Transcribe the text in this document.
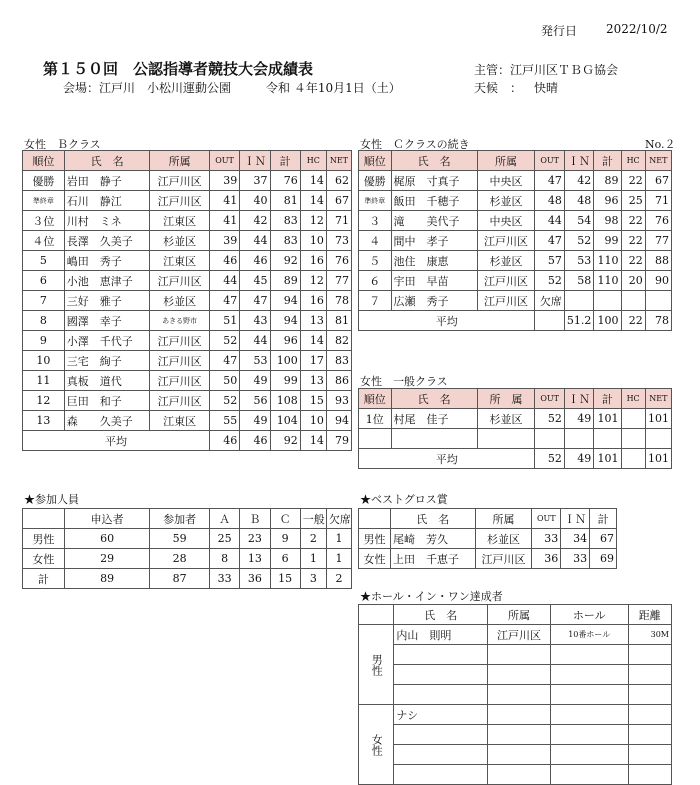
発行日 2022/10/2
第１５０回　公認指導者競技大会成績表
会場：江戸川　小松川運動公園	令和 ４年10月1日（土）
主管：江戸川区ＴＢＧ協会
天候　： 快晴
女性　Ｂクラス
順位	氏　名	所属	OUT	ＩＮ	計	HC	NET
優勝	岩田　静子	江戸川区	39	37	76	14	62
準終章	石川　静江	江戸川区	41	40	81	14	67
３位	川村　ミネ	江東区	41	42	83	12	71
４位	長澤　久美子	杉並区	39	44	83	10	73
5	嶋田　秀子	江東区	46	46	92	16	76
6	小池　恵津子	江戸川区	44	45	89	12	77
7	三好　雅子	杉並区	47	47	94	16	78
8	國澤　幸子	あきる野市	51	43	94	13	81
9	小澤　千代子	江戸川区	52	44	96	14	82
10	三宅　絢子	江戸川区	47	53	100	17	83
11	真板　道代	江戸川区	50	49	99	13	86
12	巨田　和子	江戸川区	52	56	108	15	93
13	森　　久美子	江東区	55	49	104	10	94
平均			46	46	92	14	79
女性　Ｃクラスの続き	No.２
順位	氏　名	所属	OUT	ＩＮ	計	HC	NET
優勝	梶原　寸真子	中央区	47	42	89	22	67
準終章	飯田　千穂子	杉並区	48	48	96	25	71
３	滝　　美代子	中央区	44	54	98	22	76
４	間中　孝子	江戸川区	47	52	99	22	77
５	池住　康恵	杉並区	57	53	110	22	88
６	宇田　早苗	江戸川区	52	58	110	20	90
７	広瀬　秀子	江戸川区	欠席				
平均				51.2	100	22	78
女性　一般クラス
順位	氏　名	所　属	OUT	ＩＮ	計	HC	NET
1位	村尾　佳子	杉並区	52	49	101		101

平均			52	49	101		101
★参加人員
	申込者	参加者	Ａ	Ｂ	Ｃ	一般	欠席
男性	60	59	25	23	9	2	1
女性	29	28	8	13	6	1	1
計	89	87	33	36	15	3	2
★ベストグロス賞
	氏　名	所属	OUT	ＩＮ	計
男性	尾崎　芳久	杉並区	33	34	67
女性	上田　千恵子	江戸川区	36	33	69
★ホール・イン・ワン達成者
	氏　名	所属	ホール	距離
男性	内山　則明	江戸川区	10番ホール	30M

女性	ナシ			
